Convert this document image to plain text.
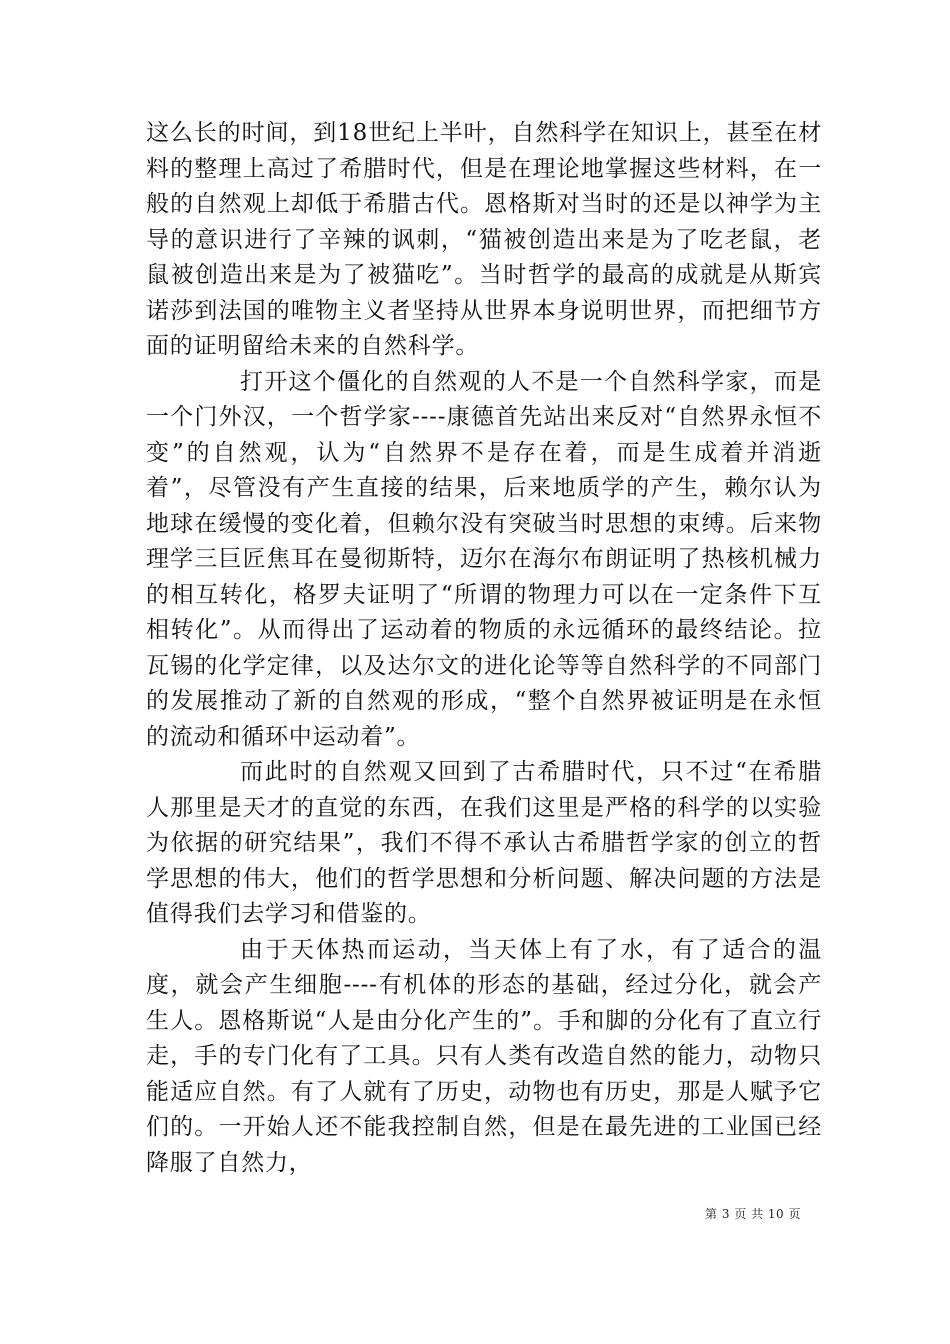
这么长的时间，到18世纪上半叶，自然科学在知识上，甚至在材料的整理上高过了希腊时代，但是在理论地掌握这些材料，在一般的自然观上却低于希腊古代。恩格斯对当时的还是以神学为主导的意识进行了辛辣的讽刺，“猫被创造出来是为了吃老鼠，老鼠被创造出来是为了被猫吃”。当时哲学的最高的成就是从斯宾诺莎到法国的唯物主义者坚持从世界本身说明世界，而把细节方面的证明留给未来的自然科学。

打开这个僵化的自然观的人不是一个自然科学家，而是一个门外汉，一个哲学家----康德首先站出来反对“自然界永恒不变”的自然观，认为“自然界不是存在着，而是生成着并消逝着”，尽管没有产生直接的结果，后来地质学的产生，赖尔认为地球在缓慢的变化着，但赖尔没有突破当时思想的束缚。后来物理学三巨匠焦耳在曼彻斯特，迈尔在海尔布朗证明了热核机械力的相互转化，格罗夫证明了“所谓的物理力可以在一定条件下互相转化”。从而得出了运动着的物质的永远循环的最终结论。拉瓦锡的化学定律，以及达尔文的进化论等等自然科学的不同部门的发展推动了新的自然观的形成，“整个自然界被证明是在永恒的流动和循环中运动着”。

而此时的自然观又回到了古希腊时代，只不过“在希腊人那里是天才的直觉的东西，在我们这里是严格的科学的以实验为依据的研究结果”，我们不得不承认古希腊哲学家的创立的哲学思想的伟大，他们的哲学思想和分析问题、解决问题的方法是值得我们去学习和借鉴的。

由于天体热而运动，当天体上有了水，有了适合的温度，就会产生细胞----有机体的形态的基础，经过分化，就会产生人。恩格斯说“人是由分化产生的”。手和脚的分化有了直立行走，手的专门化有了工具。只有人类有改造自然的能力，动物只能适应自然。有了人就有了历史，动物也有历史，那是人赋予它们的。一开始人还不能我控制自然，但是在最先进的工业国已经降服了自然力，

第 3 页 共 10 页
